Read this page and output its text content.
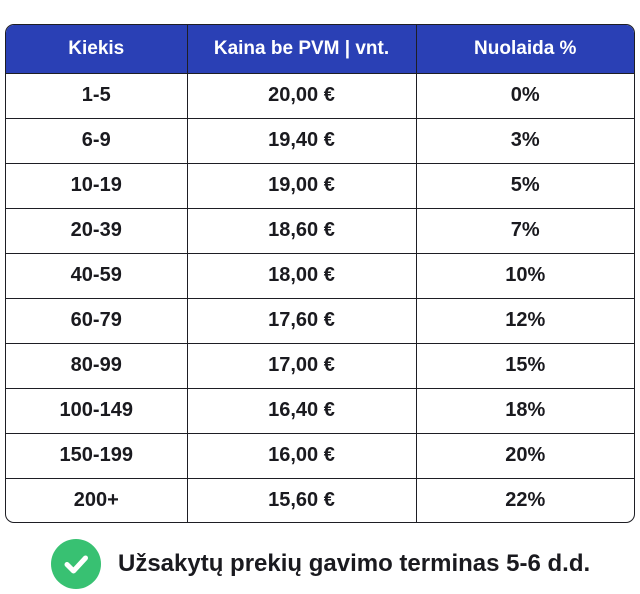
Kiekis	Kaina be PVM | vnt.	Nuolaida %
1-5	20,00 €	0%
6-9	19,40 €	3%
10-19	19,00 €	5%
20-39	18,60 €	7%
40-59	18,00 €	10%
60-79	17,60 €	12%
80-99	17,00 €	15%
100-149	16,40 €	18%
150-199	16,00 €	20%
200+	15,60 €	22%
Užsakytų prekių gavimo terminas 5-6 d.d.
